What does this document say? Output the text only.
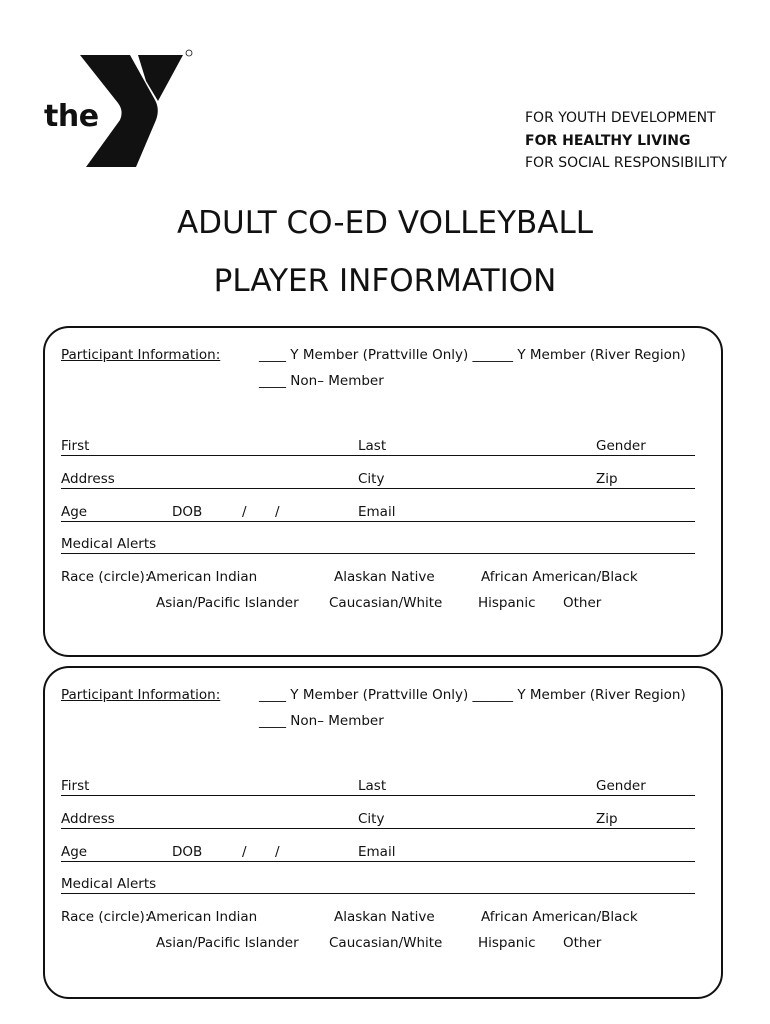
the
YMCA
FOR YOUTH DEVELOPMENT
FOR HEALTHY LIVING
FOR SOCIAL RESPONSIBILITY
ADULT CO-ED VOLLEYBALL
PLAYER INFORMATION
Participant Information:	____ Y Member (Prattville Only) ______ Y Member (River Region)
____ Non– Member
First	Last	Gender
Address	City	Zip
Age	DOB	/ /	Email
Medical Alerts
Race (circle):
American Indian	Alaskan Native	African American/Black
Asian/Pacific Islander Caucasian/White	Hispanic Other
Participant Information:	____ Y Member (Prattville Only) ______ Y Member (River Region)
____ Non– Member
First	Last	Gender
Address	City	Zip
Age	DOB	/ /	Email
Medical Alerts
Race (circle):
American Indian	Alaskan Native	African American/Black
Asian/Pacific Islander Caucasian/White	Hispanic Other
